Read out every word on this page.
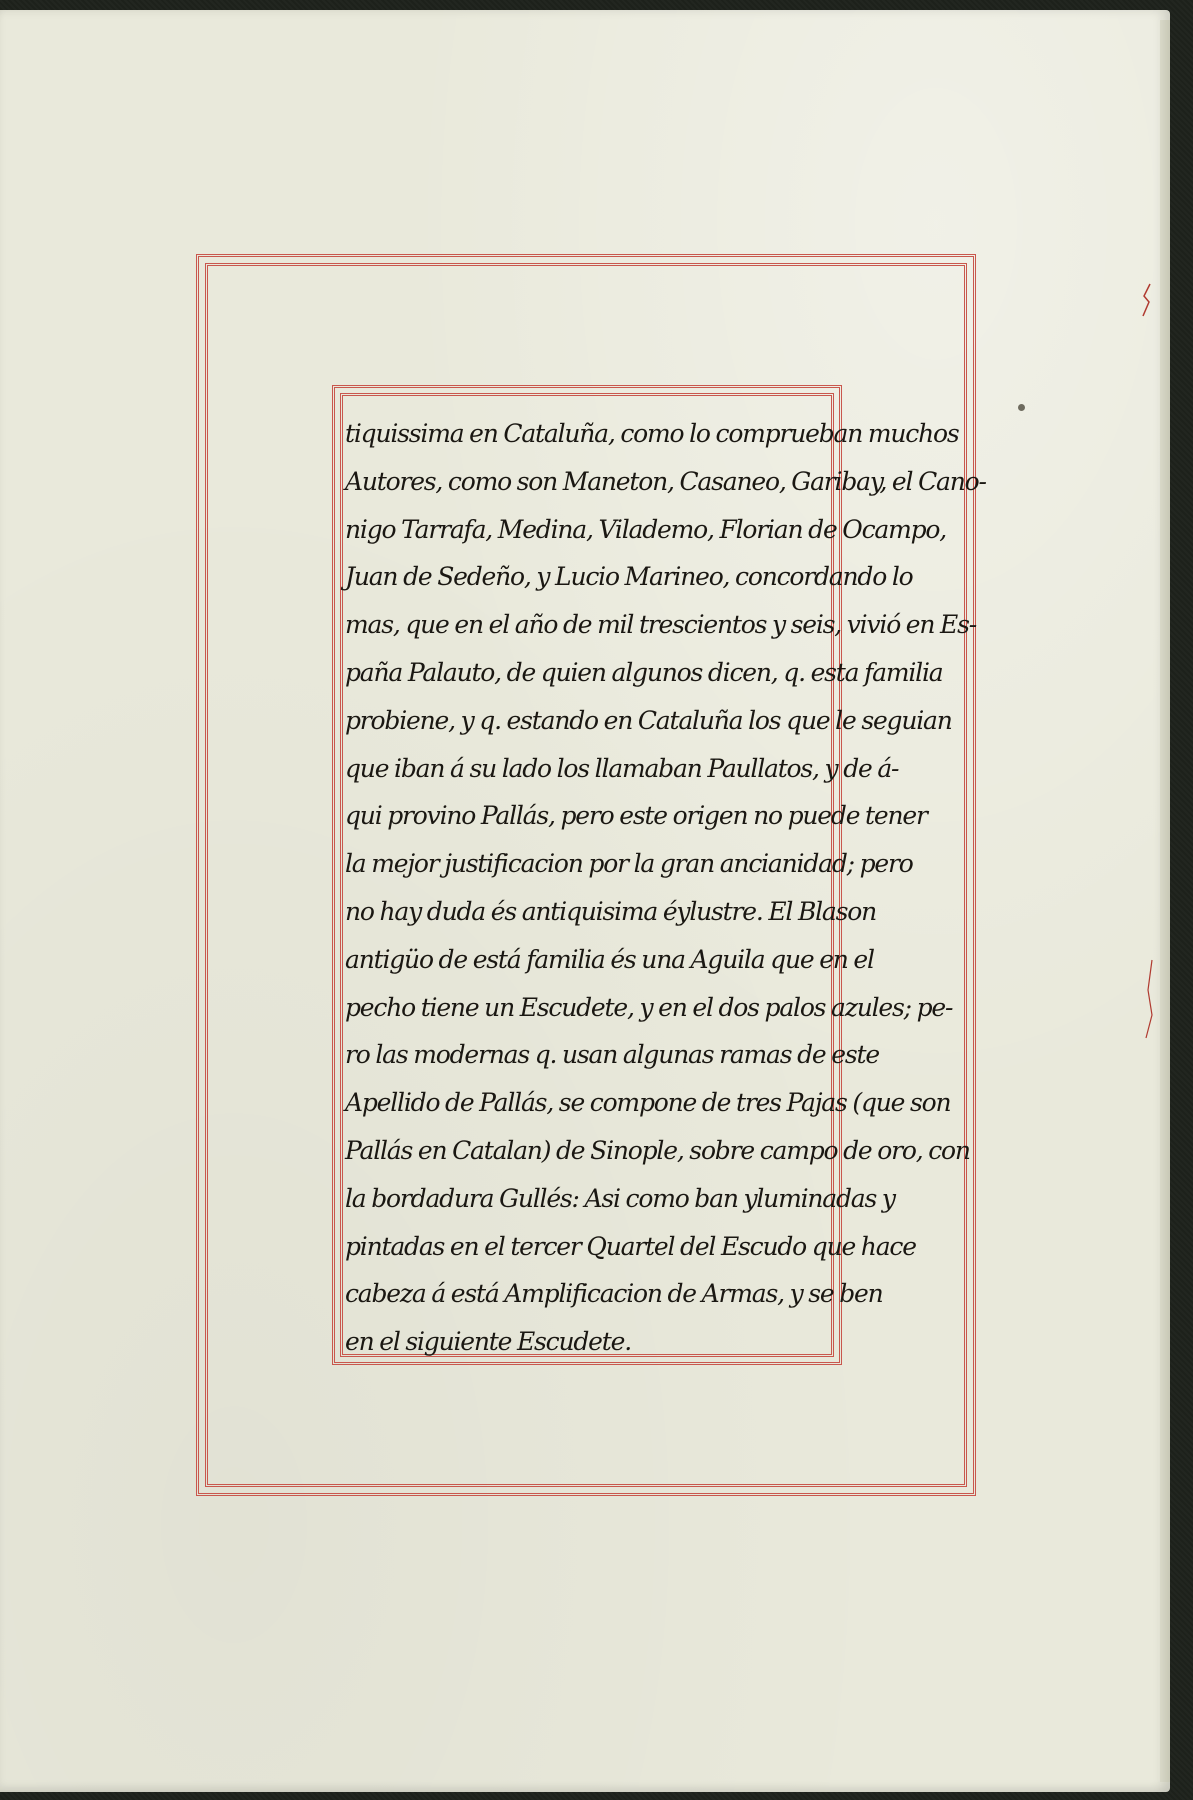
tiquissima en Cataluña, como lo comprueban muchos
Autores, como son Maneton, Casaneo, Garibay, el Cano-
nigo Tarrafa, Medina, Vilademo, Florian de Ocampo,
Juan de Sedeño, y Lucio Marineo, concordando lo
mas, que en el año de mil trescientos y seis, vivió en Es-
paña Palauto, de quien algunos dicen, q. esta familia
probiene, y q. estando en Cataluña los que le seguian
que iban á su lado los llamaban Paullatos, y de á-
qui provino Pallás, pero este origen no puede tener
la mejor justificacion por la gran ancianidad; pero
no hay duda és antiquisima éylustre. El Blason
antigüo de está familia és una Aguila que en el
pecho tiene un Escudete, y en el dos palos azules; pe-
ro las modernas q. usan algunas ramas de este
Apellido de Pallás, se compone de tres Pajas (que son
Pallás en Catalan) de Sinople, sobre campo de oro, con
la bordadura Gullés: Asi como ban yluminadas y
pintadas en el tercer Quartel del Escudo que hace
cabeza á está Amplificacion de Armas, y se ben
en el siguiente Escudete.
